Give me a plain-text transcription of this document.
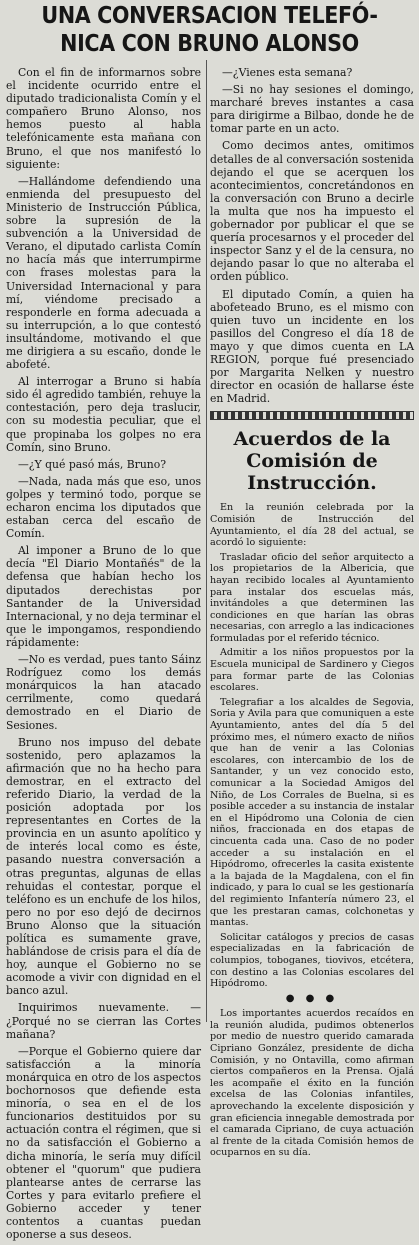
UNA CONVERSACION TELEFÓ-
NICA CON BRUNO ALONSO

Con el fin de informarnos sobre el incidente ocurrido entre el diputado tradicionalista Comín y el compañero Bruno Alonso, nos hemos puesto al habla telefónicamente esta mañana con Bruno, el que nos manifestó lo siguiente:

—Hallándome defendiendo una enmienda del presupuesto del Ministerio de Instrucción Pública, sobre la supresión de la subvención a la Universidad de Verano, el diputado carlista Comín no hacía más que interrumpirme con frases molestas para la Universidad Internacional y para mí, viéndome precisado a responderle en forma adecuada a su interrupción, a lo que contestó insultándome, motivando el que me dirigiera a su escaño, donde le abofeté.

Al interrogar a Bruno si había sido él agredido también, rehuye la contestación, pero deja traslucir, con su modestia peculiar, que el que propinaba los golpes no era Comín, sino Bruno.

—¿Y qué pasó más, Bruno?

—Nada, nada más que eso, unos golpes y terminó todo, porque se echaron encima los diputados que estaban cerca del escaño de Comín.

Al imponer a Bruno de lo que decía "El Diario Montañés" de la defensa que habían hecho los diputados derechistas por Santander de la Universidad Internacional, y no deja terminar el que le impongamos, respondiendo rápidamente:

—No es verdad, pues tanto Sáinz Rodríguez como los demás monárquicos la han atacado cerrilmente, como quedará demostrado en el Diario de Sesiones.

Bruno nos impuso del debate sostenido, pero aplazamos la afirmación que no ha hecho para demostrar, en el extracto del referido Diario, la verdad de la posición adoptada por los representantes en Cortes de la provincia en un asunto apolítico y de interés local como es éste, pasando nuestra conversación a otras preguntas, algunas de ellas rehuidas el contestar, porque el teléfono es un enchufe de los hilos, pero no por eso dejó de decirnos Bruno Alonso que la situación política es sumamente grave, hablándose de crisis para el día de hoy, aunque el Gobierno no se acomode a vivir con dignidad en el banco azul.

Inquirimos nuevamente. —¿Porqué no se cierran las Cortes mañana?

—Porque el Gobierno quiere dar satisfacción a la minoría monárquica en otro de los aspectos bochornosos que defiende esta minoría, o sea en el de los funcionarios destituidos por su actuación contra el régimen, que si no da satisfacción el Gobierno a dicha minoría, le sería muy difícil obtener el "quorum" que pudiera plantearse antes de cerrarse las Cortes y para evitarlo prefiere el Gobierno acceder y tener contentos a cuantas puedan oponerse a sus deseos.

—¿Vienes esta semana?

—Si no hay sesiones el domingo, marcharé breves instantes a casa para dirigirme a Bilbao, donde he de tomar parte en un acto.

Como decimos antes, omitimos detalles de al conversación sostenida dejando el que se acerquen los acontecimientos, concretándonos en la conversación con Bruno a decirle la multa que nos ha impuesto el gobernador por publicar el que se quería procesarnos y el proceder del inspector Sanz y el de la censura, no dejando pasar lo que no alteraba el orden público.

El diputado Comín, a quien ha abofeteado Bruno, es el mismo con quien tuvo un incidente en los pasillos del Congreso el día 18 de mayo y que dimos cuenta en LA REGION, porque fué presenciado por Margarita Nelken y nuestro director en ocasión de hallarse éste en Madrid.

Acuerdos de la Comisión de Instrucción.

En la reunión celebrada por la Comisión de Instrucción del Ayuntamiento, el día 28 del actual, se acordó lo siguiente:

Trasladar oficio del señor arquitecto a los propietarios de la Albericia, que hayan recibido locales al Ayuntamiento para instalar dos escuelas más, invitándoles a que determinen las condiciones en que harían las obras necesarias, con arreglo a las indicaciones formuladas por el referido técnico.

Admitir a los niños propuestos por la Escuela municipal de Sardinero y Ciegos para formar parte de las Colonias escolares.

Telegrafiar a los alcaldes de Segovia, Soria y Avila para que comuniquen a este Ayuntamiento, antes del día 5 del próximo mes, el número exacto de niños que han de venir a las Colonias escolares, con intercambio de los de Santander, y un vez conocido esto, comunicar a la Sociedad Amigos del Niño, de Los Corrales de Buelna, si es posible acceder a su instancia de instalar en el Hipódromo una Colonia de cien niños, fraccionada en dos etapas de cincuenta cada una. Caso de no poder acceder a su instalación en el Hipódromo, ofrecerles la casita existente a la bajada de la Magdalena, con el fin indicado, y para lo cual se les gestionaría del regimiento Infantería número 23, el que les prestaran camas, colchonetas y mantas.

Solicitar catálogos y precios de casas especializadas en la fabricación de columpios, toboganes, tiovivos, etcétera, con destino a las Colonias escolares del Hipódromo.

● ● ●

Los importantes acuerdos recaídos en la reunión aludida, pudimos obtenerlos por medio de nuestro querido camarada Cipriano González, presidente de dicha Comisión, y no Ontavilla, como afirman ciertos compañeros en la Prensa. Ojalá les acompañe el éxito en la función excelsa de las Colonias infantiles, aprovechando la excelente disposición y gran eficiencia innegable demostrada por el camarada Cipriano, de cuya actuación al frente de la citada Comisión hemos de ocuparnos en su día.
